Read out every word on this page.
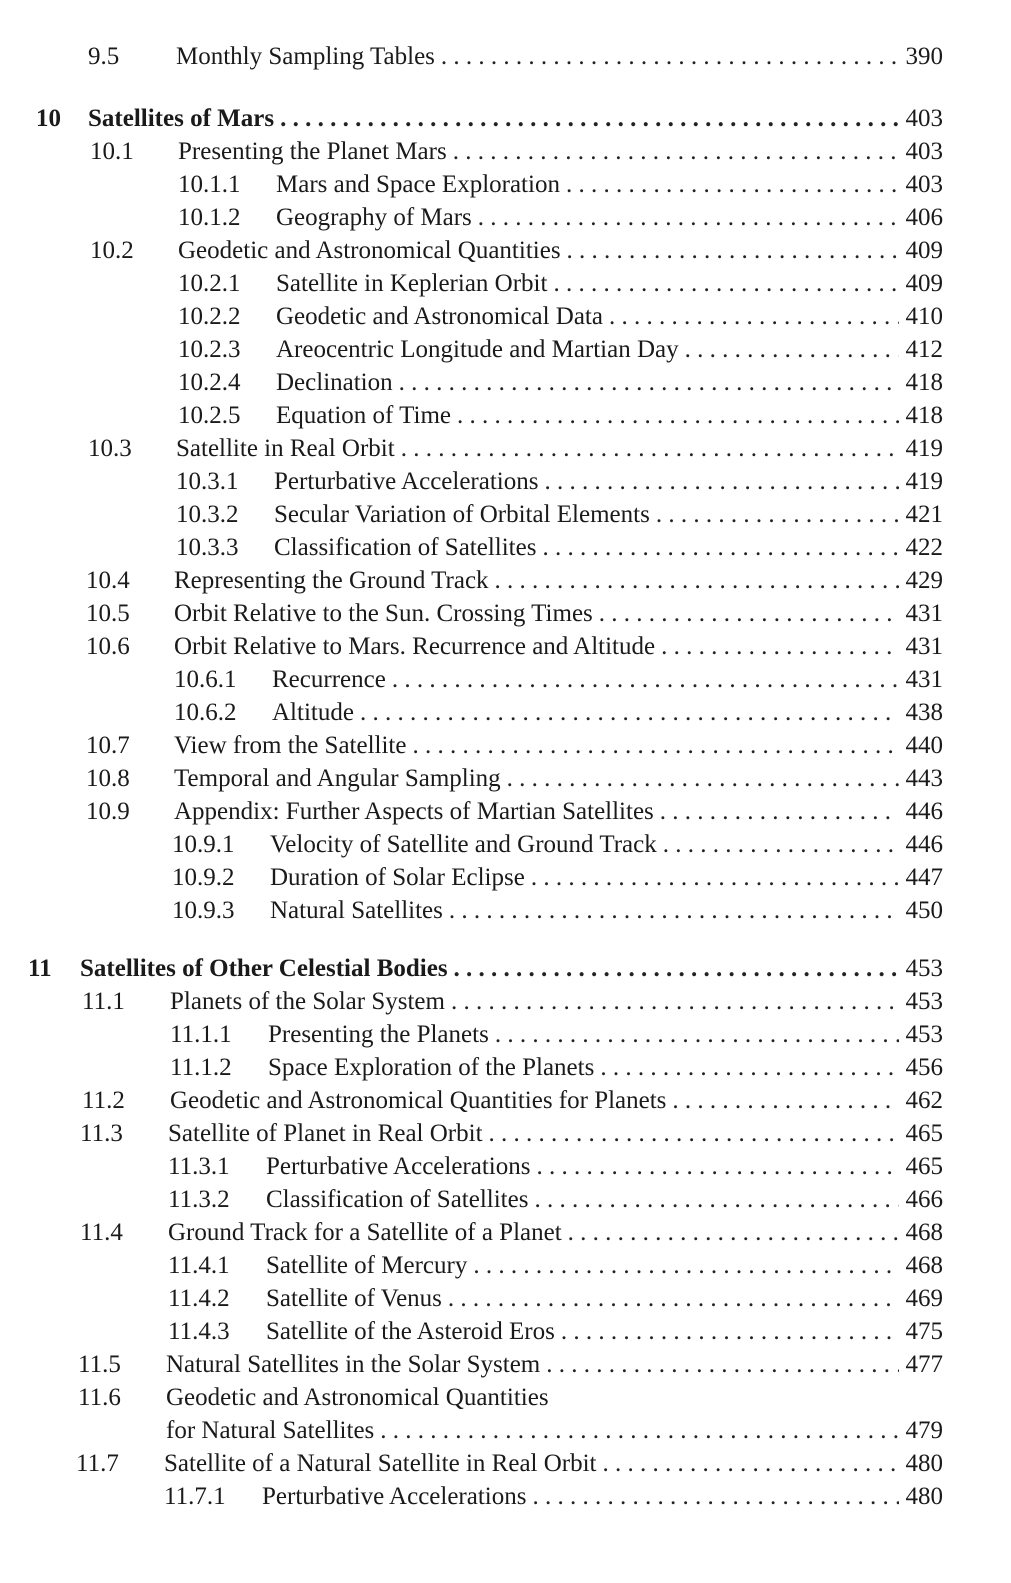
9.5	Monthly Sampling Tables . . .	390
10	Satellites of Mars . . .	403
10.1	Presenting the Planet Mars . . .	403
10.1.1	Mars and Space Exploration . . .	403
10.1.2	Geography of Mars . . .	406
10.2	Geodetic and Astronomical Quantities . . .	409
10.2.1	Satellite in Keplerian Orbit . . .	409
10.2.2	Geodetic and Astronomical Data . . .	410
10.2.3	Areocentric Longitude and Martian Day . . .	412
10.2.4	Declination . . .	418
10.2.5	Equation of Time . . .	418
10.3	Satellite in Real Orbit . . .	419
10.3.1	Perturbative Accelerations . . .	419
10.3.2	Secular Variation of Orbital Elements . . .	421
10.3.3	Classification of Satellites . . .	422
10.4	Representing the Ground Track . . .	429
10.5	Orbit Relative to the Sun. Crossing Times . . .	431
10.6	Orbit Relative to Mars. Recurrence and Altitude . . .	431
10.6.1	Recurrence . . .	431
10.6.2	Altitude . . .	438
10.7	View from the Satellite . . .	440
10.8	Temporal and Angular Sampling . . .	443
10.9	Appendix: Further Aspects of Martian Satellites . . .	446
10.9.1	Velocity of Satellite and Ground Track . . .	446
10.9.2	Duration of Solar Eclipse . . .	447
10.9.3	Natural Satellites . . .	450
11	Satellites of Other Celestial Bodies . . .	453
11.1	Planets of the Solar System . . .	453
11.1.1	Presenting the Planets . . .	453
11.1.2	Space Exploration of the Planets . . .	456
11.2	Geodetic and Astronomical Quantities for Planets . . .	462
11.3	Satellite of Planet in Real Orbit . . .	465
11.3.1	Perturbative Accelerations . . .	465
11.3.2	Classification of Satellites . . .	466
11.4	Ground Track for a Satellite of a Planet . . .	468
11.4.1	Satellite of Mercury . . .	468
11.4.2	Satellite of Venus . . .	469
11.4.3	Satellite of the Asteroid Eros . . .	475
11.5	Natural Satellites in the Solar System . . .	477
11.6	Geodetic and Astronomical Quantities
for Natural Satellites . . .	479
11.7	Satellite of a Natural Satellite in Real Orbit . . .	480
11.7.1	Perturbative Accelerations . . .	480
